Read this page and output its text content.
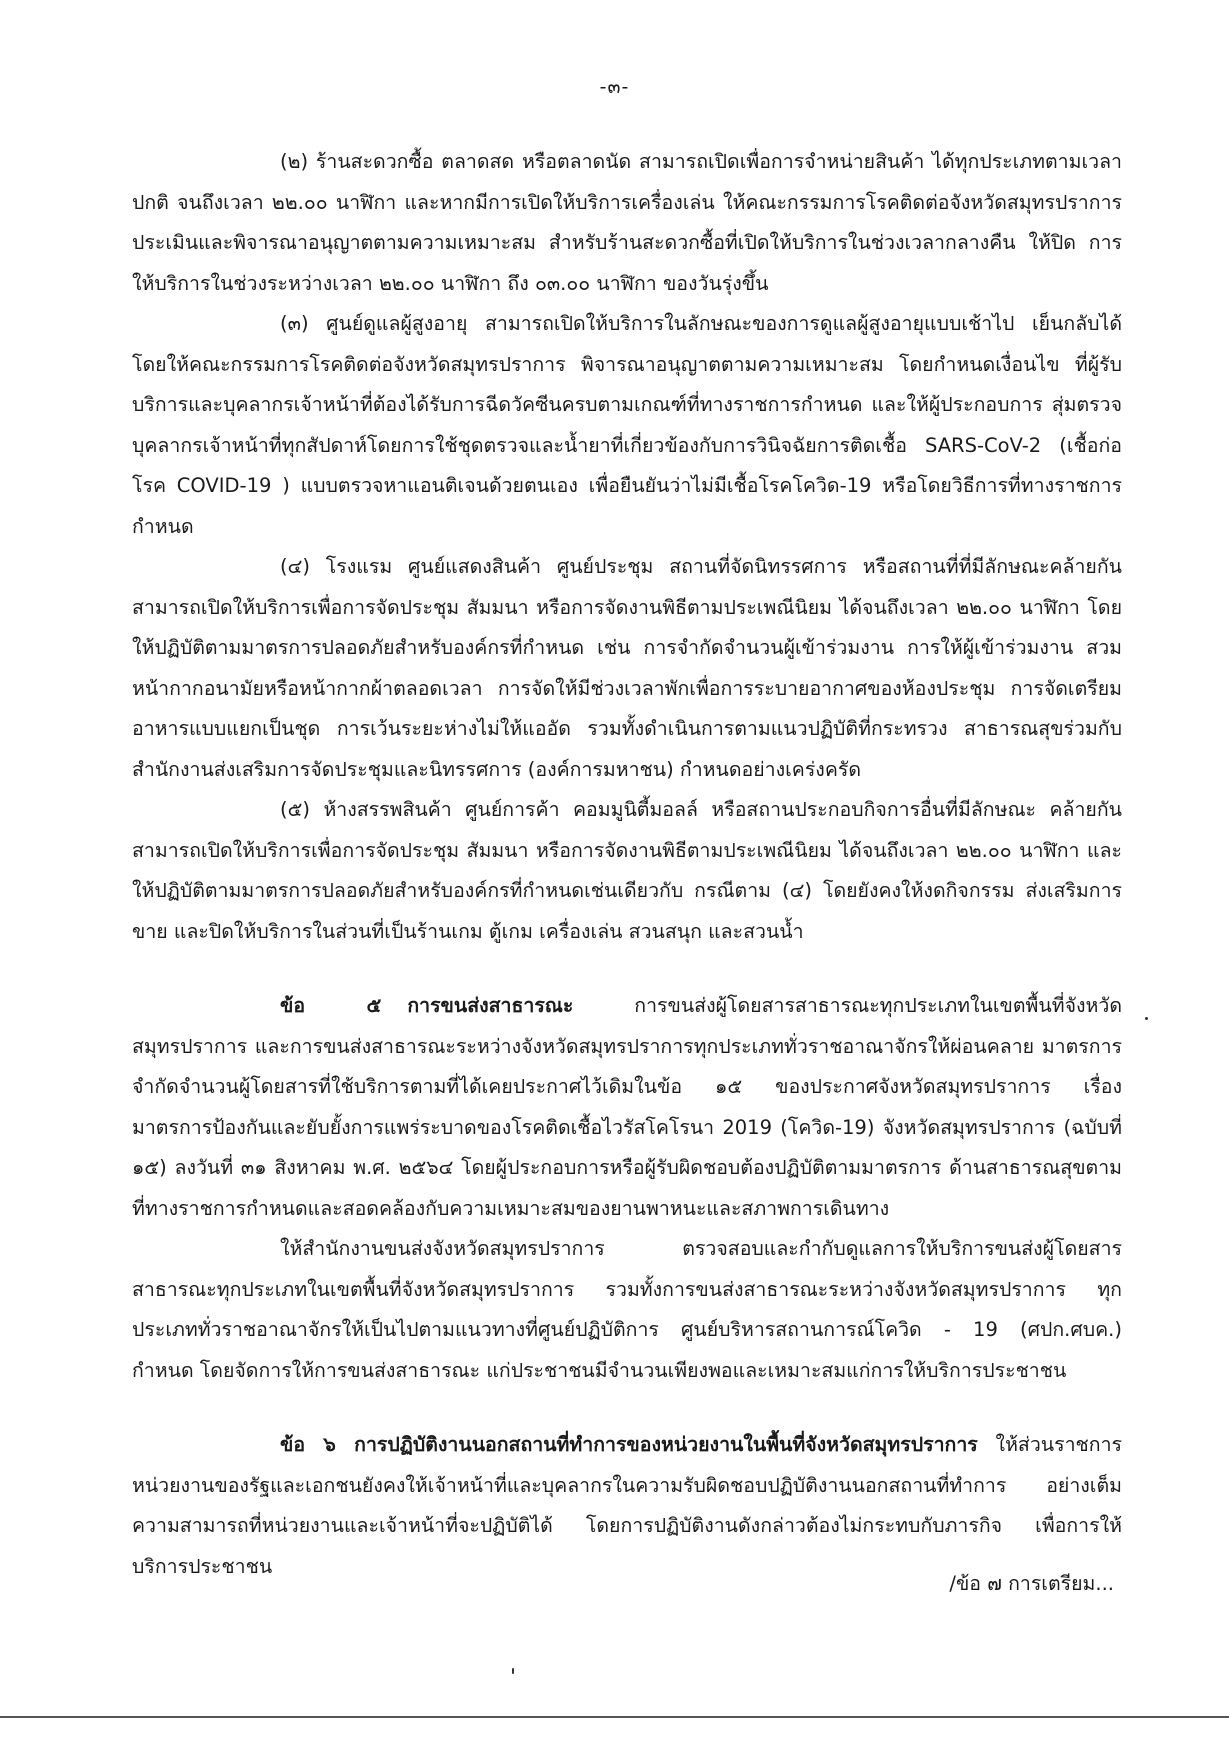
-๓-

(๒) ร้านสะดวกซื้อ ตลาดสด หรือตลาดนัด สามารถเปิดเพื่อการจำหน่ายสินค้า ได้ทุกประเภทตามเวลาปกติ จนถึงเวลา ๒๒.๐๐ นาฬิกา และหากมีการเปิดให้บริการเครื่องเล่น ให้คณะกรรมการโรคติดต่อจังหวัดสมุทรปราการ ประเมินและพิจารณาอนุญาตตามความเหมาะสม สำหรับร้านสะดวกซื้อที่เปิดให้บริการในช่วงเวลากลางคืน ให้ปิด การให้บริการในช่วงระหว่างเวลา ๒๒.๐๐ นาฬิกา ถึง ๐๓.๐๐ นาฬิกา ของวันรุ่งขึ้น

(๓) ศูนย์ดูแลผู้สูงอายุ สามารถเปิดให้บริการในลักษณะของการดูแลผู้สูงอายุแบบเช้าไป เย็นกลับได้ โดยให้คณะกรรมการโรคติดต่อจังหวัดสมุทรปราการ พิจารณาอนุญาตตามความเหมาะสม โดยกำหนดเงื่อนไข ที่ผู้รับบริการและบุคลากรเจ้าหน้าที่ต้องได้รับการฉีดวัคซีนครบตามเกณฑ์ที่ทางราชการกำหนด และให้ผู้ประกอบการ สุ่มตรวจ บุคลากรเจ้าหน้าที่ทุกสัปดาห์โดยการใช้ชุดตรวจและน้ำยาที่เกี่ยวข้องกับการวินิจฉัยการติดเชื้อ SARS-CoV-2 (เชื้อก่อโรค COVID-19 ) แบบตรวจหาแอนติเจนด้วยตนเอง เพื่อยืนยันว่าไม่มีเชื้อโรคโควิด-19 หรือโดยวิธีการที่ทางราชการกำหนด

(๔) โรงแรม ศูนย์แสดงสินค้า ศูนย์ประชุม สถานที่จัดนิทรรศการ หรือสถานที่ที่มีลักษณะคล้ายกัน สามารถเปิดให้บริการเพื่อการจัดประชุม สัมมนา หรือการจัดงานพิธีตามประเพณีนิยม ได้จนถึงเวลา ๒๒.๐๐ นาฬิกา โดยให้ปฏิบัติตามมาตรการปลอดภัยสำหรับองค์กรที่กำหนด เช่น การจำกัดจำนวนผู้เข้าร่วมงาน การให้ผู้เข้าร่วมงาน สวมหน้ากากอนามัยหรือหน้ากากผ้าตลอดเวลา การจัดให้มีช่วงเวลาพักเพื่อการระบายอากาศของห้องประชุม การจัดเตรียมอาหารแบบแยกเป็นชุด การเว้นระยะห่างไม่ให้แออัด รวมทั้งดำเนินการตามแนวปฏิบัติที่กระทรวง สาธารณสุขร่วมกับสำนักงานส่งเสริมการจัดประชุมและนิทรรศการ (องค์การมหาชน) กำหนดอย่างเคร่งครัด

(๕) ห้างสรรพสินค้า ศูนย์การค้า คอมมูนิตี้มอลล์ หรือสถานประกอบกิจการอื่นที่มีลักษณะ คล้ายกัน สามารถเปิดให้บริการเพื่อการจัดประชุม สัมมนา หรือการจัดงานพิธีตามประเพณีนิยม ได้จนถึงเวลา ๒๒.๐๐ นาฬิกา และให้ปฏิบัติตามมาตรการปลอดภัยสำหรับองค์กรที่กำหนดเช่นเดียวกับ กรณีตาม (๔) โดยยังคงให้งดกิจกรรม ส่งเสริมการขาย และปิดให้บริการในส่วนที่เป็นร้านเกม ตู้เกม เครื่องเล่น สวนสนุก และสวนน้ำ

ข้อ ๕ การขนส่งสาธารณะ	การขนส่งผู้โดยสารสาธารณะทุกประเภทในเขตพื้นที่จังหวัด สมุทรปราการ และการขนส่งสาธารณะระหว่างจังหวัดสมุทรปราการทุกประเภททั่วราชอาณาจักรให้ผ่อนคลาย มาตรการ จำกัดจำนวนผู้โดยสารที่ใช้บริการตามที่ได้เคยประกาศไว้เดิมในข้อ ๑๕ ของประกาศจังหวัดสมุทรปราการ เรื่อง มาตรการป้องกันและยับยั้งการแพร่ระบาดของโรคติดเชื้อไวรัสโคโรนา 2019 (โควิด-19) จังหวัดสมุทรปราการ (ฉบับที่ ๑๕) ลงวันที่ ๓๑ สิงหาคม พ.ศ. ๒๕๖๔ โดยผู้ประกอบการหรือผู้รับผิดชอบต้องปฏิบัติตามมาตรการ ด้านสาธารณสุขตามที่ทางราชการกำหนดและสอดคล้องกับความเหมาะสมของยานพาหนะและสภาพการเดินทาง

ให้สำนักงานขนส่งจังหวัดสมุทรปราการ ตรวจสอบและกำกับดูแลการให้บริการขนส่งผู้โดยสาร สาธารณะทุกประเภทในเขตพื้นที่จังหวัดสมุทรปราการ รวมทั้งการขนส่งสาธารณะระหว่างจังหวัดสมุทรปราการ ทุกประเภททั่วราชอาณาจักรให้เป็นไปตามแนวทางที่ศูนย์ปฏิบัติการ ศูนย์บริหารสถานการณ์โควิด - 19 (ศปก.ศบค.) กำหนด โดยจัดการให้การขนส่งสาธารณะ แก่ประชาชนมีจำนวนเพียงพอและเหมาะสมแก่การให้บริการประชาชน

ข้อ ๖ การปฏิบัติงานนอกสถานที่ทำการของหน่วยงานในพื้นที่จังหวัดสมุทรปราการ ให้ส่วนราชการ หน่วยงานของรัฐและเอกชนยังคงให้เจ้าหน้าที่และบุคลากรในความรับผิดชอบปฏิบัติงานนอกสถานที่ทำการ อย่างเต็มความสามารถที่หน่วยงานและเจ้าหน้าที่จะปฏิบัติได้ โดยการปฏิบัติงานดังกล่าวต้องไม่กระทบกับภารกิจ เพื่อการให้บริการประชาชน

/ข้อ ๗ การเตรียม...
